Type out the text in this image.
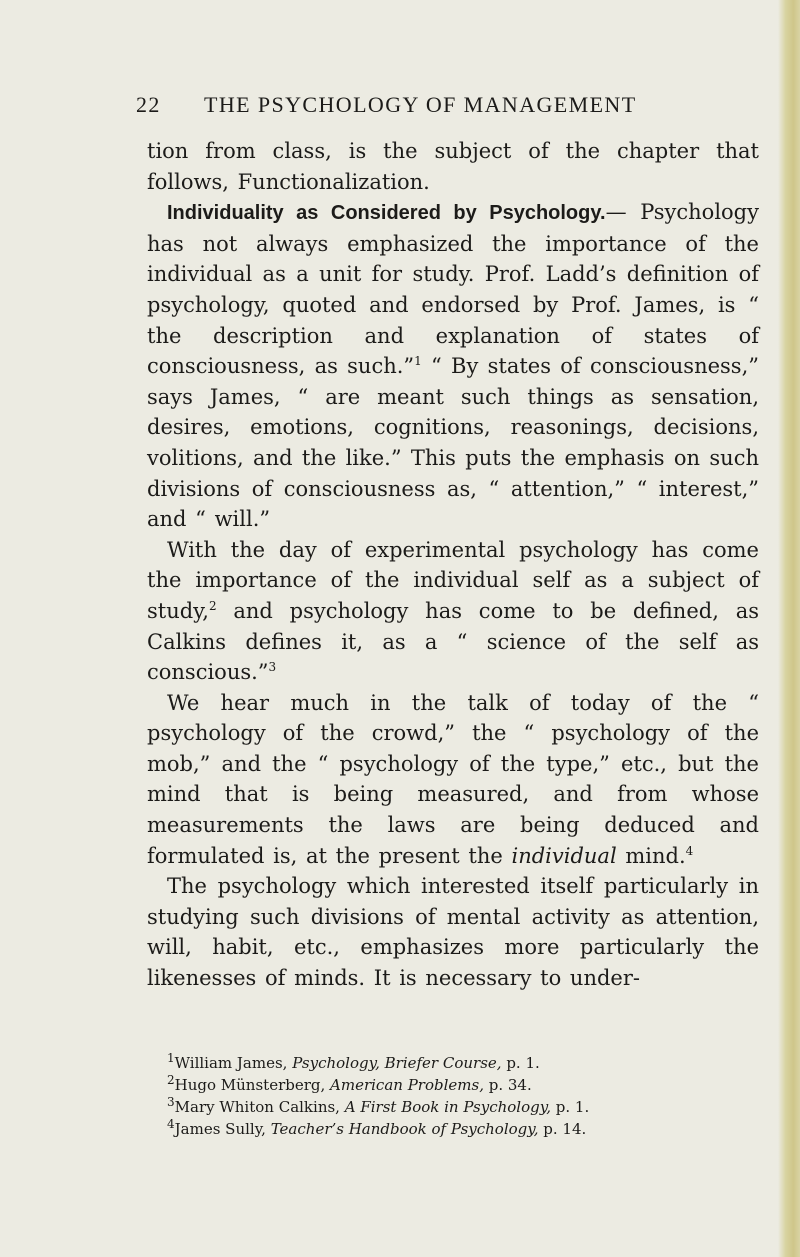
22 THE PSYCHOLOGY OF MANAGEMENT

tion from class, is the subject of the chapter that follows, Functionalization.

Individuality as Considered by Psychology.— Psychology has not always emphasized the importance of the individual as a unit for study. Prof. Ladd’s definition of psychology, quoted and endorsed by Prof. James, is “ the description and explanation of states of consciousness, as such.”$^1$ “ By states of consciousness,” says James, “ are meant such things as sensation, desires, emotions, cognitions, reasonings, decisions, volitions, and the like.” This puts the emphasis on such divisions of consciousness as, “ attention,” “ interest,” and “ will.”

With the day of experimental psychology has come the importance of the individual self as a subject of study,$^2$ and psychology has come to be defined, as Calkins defines it, as a “ science of the self as conscious.”$^3$

We hear much in the talk of today of the “ psychology of the crowd,” the “ psychology of the mob,” and the “ psychology of the type,” etc., but the mind that is being measured, and from whose measurements the laws are being deduced and formulated is, at the present the individual mind.$^4$

The psychology which interested itself particularly in studying such divisions of mental activity as attention, will, habit, etc., emphasizes more particularly the likenesses of minds. It is necessary to under-

$^1$William James, Psychology, Briefer Course, p. 1.
$^2$Hugo Münsterberg, American Problems, p. 34.
$^3$Mary Whiton Calkins, A First Book in Psychology, p. 1.
$^4$James Sully, Teacher’s Handbook of Psychology, p. 14.
